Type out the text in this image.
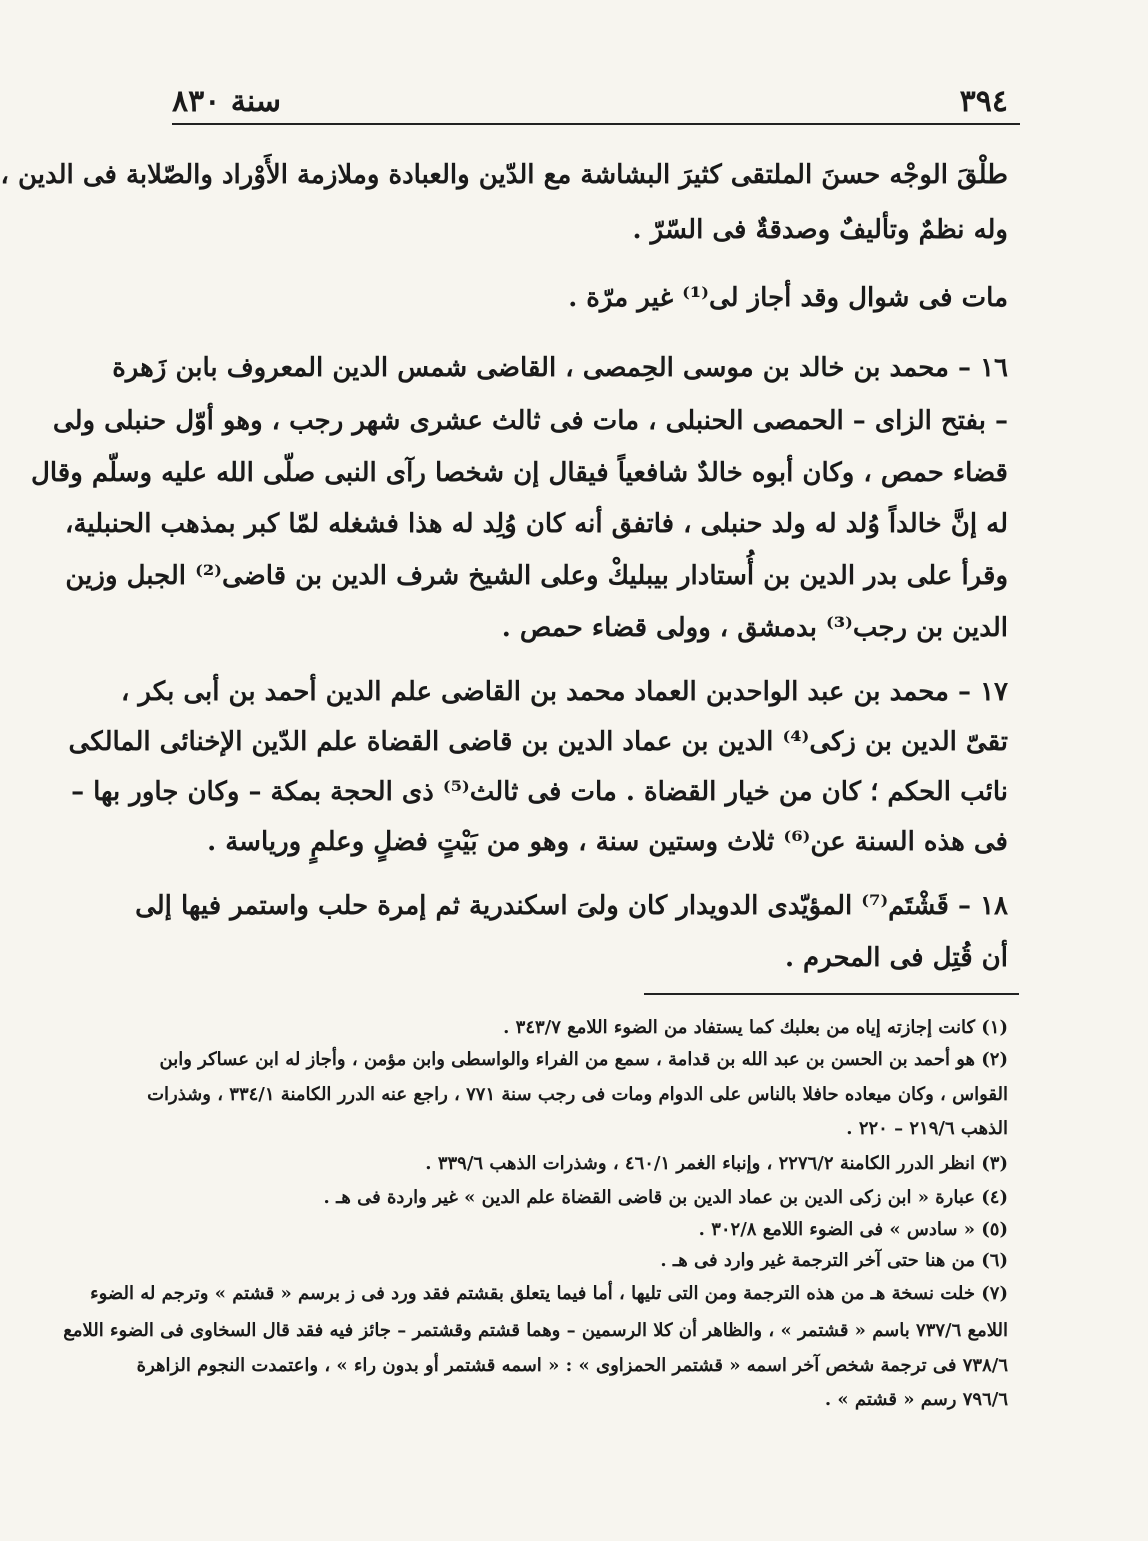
٣٩٤
سنة ٨٣٠
طلْقَ الوجْه حسنَ الملتقى كثيرَ البشاشة مع الدّين والعبادة وملازمة الأَوْراد والصّلابة فى الدين ،
وله نظمٌ وتأليفٌ وصدقةٌ فى السّرّ .
مات فى شوال وقد أجاز لى⁽¹⁾ غير مرّة .
١٦ – محمد بن خالد بن موسى الحِمصى ، القاضى شمس الدين المعروف بابن زَهرة
– بفتح الزاى – الحمصى الحنبلى ، مات فى ثالث عشرى شهر رجب ، وهو أوّل حنبلى ولى
قضاء حمص ، وكان أبوه خالدٌ شافعياً فيقال إن شخصا رآى النبى صلّى الله عليه وسلّم وقال
له إنَّ خالداً وُلد له ولد حنبلى ، فاتفق أنه كان وُلِد له هذا فشغله لمّا كبر بمذهب الحنبلية،
وقرأ على بدر الدين بن أُستادار بيبليكْ وعلى الشيخ شرف الدين بن قاضى⁽²⁾ الجبل وزين
الدين بن رجب⁽³⁾ بدمشق ، وولى قضاء حمص .
١٧ – محمد بن عبد الواحدبن العماد محمد بن القاضى علم الدين أحمد بن أبى بكر ،
تقىّ الدين بن زكى⁽⁴⁾ الدين بن عماد الدين بن قاضى القضاة علم الدّين الإخنائى المالكى
نائب الحكم ؛ كان من خيار القضاة . مات فى ثالث⁽⁵⁾ ذى الحجة بمكة – وكان جاور بها –
فى هذه السنة عن⁽⁶⁾ ثلاث وستين سنة ، وهو من بَيْتٍ فضلٍ وعلمٍ ورياسة .
١٨ – قَشْتَم⁽⁷⁾ المؤيّدى الدويدار كان ولىَ اسكندرية ثم إمرة حلب واستمر فيها إلى
أن قُتِل فى المحرم .
(١) كانت إجازته إياه من بعلبك كما يستفاد من الضوء اللامع ٣٤٣/٧ .
(٢) هو أحمد بن الحسن بن عبد الله بن قدامة ، سمع من الفراء والواسطى وابن مؤمن ، وأجاز له ابن عساكر وابن
القواس ، وكان ميعاده حافلا بالناس على الدوام ومات فى رجب سنة ٧٧١ ، راجع عنه الدرر الكامنة ٣٣٤/١ ، وشذرات
الذهب ٢١٩/٦ – ٢٢٠ .
(٣) انظر الدرر الكامنة ٢٢٧٦/٢ ، وإنباء الغمر ٤٦٠/١ ، وشذرات الذهب ٣٣٩/٦ .
(٤) عبارة « ابن زكى الدين بن عماد الدين بن قاضى القضاة علم الدين » غير واردة فى هـ .
(٥) « سادس » فى الضوء اللامع ٣٠٢/٨ .
(٦) من هنا حتى آخر الترجمة غير وارد فى هـ .
(٧) خلت نسخة هـ من هذه الترجمة ومن التى تليها ، أما فيما يتعلق بقشتم فقد ورد فى ز برسم « قشتم » وترجم له الضوء
اللامع ٧٣٧/٦ باسم « قشتمر » ، والظاهر أن كلا الرسمين – وهما قشتم وقشتمر – جائز فيه فقد قال السخاوى فى الضوء اللامع
٧٣٨/٦ فى ترجمة شخص آخر اسمه « قشتمر الحمزاوى » : « اسمه قشتمر أو بدون راء » ، واعتمدت النجوم الزاهرة
٧٩٦/٦ رسم « قشتم » .
